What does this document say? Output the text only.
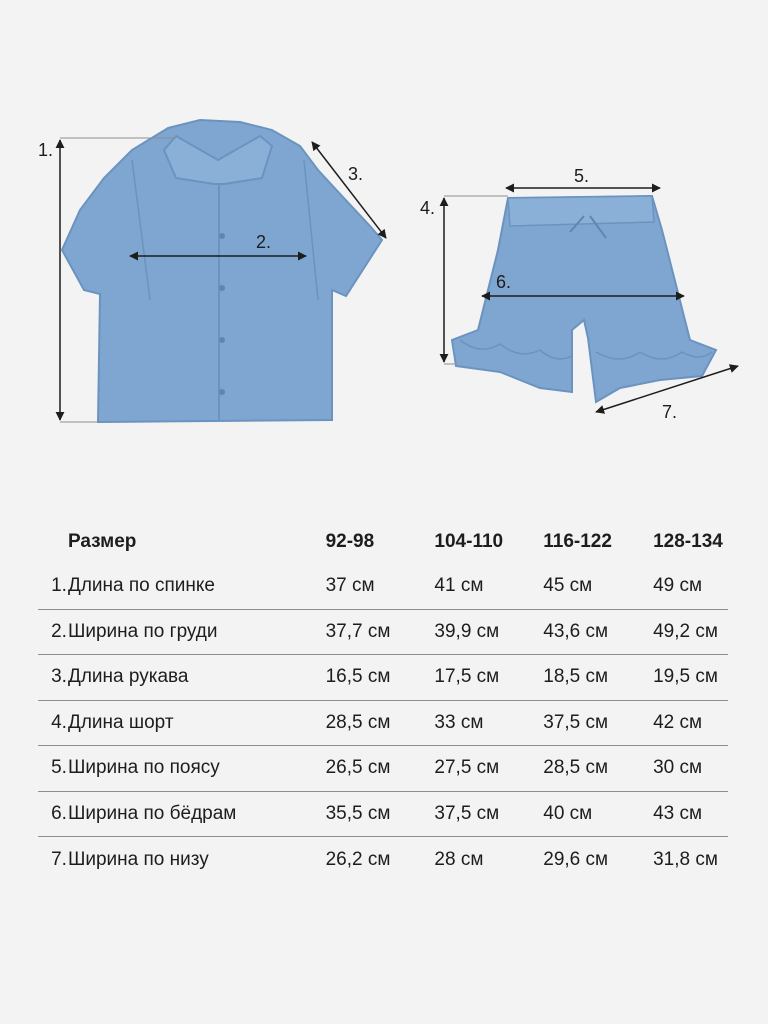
1.
2.
3.
4.
5.
6.
7.
Размер	92-98	104-110	116-122	128-134
1. Длина по спинке	37 см	41 см	45 см	49 см
2. Ширина по груди	37,7 см	39,9 см	43,6 см	49,2 см
3. Длина рукава	16,5 см	17,5 см	18,5 см	19,5 см
4. Длина шорт	28,5 см	33 см	37,5 см	42 см
5. Ширина по поясу	26,5 см	27,5 см	28,5 см	30 см
6. Ширина по бёдрам	35,5 см	37,5 см	40 см	43 см
7. Ширина по низу	26,2 см	28 см	29,6 см	31,8 см
